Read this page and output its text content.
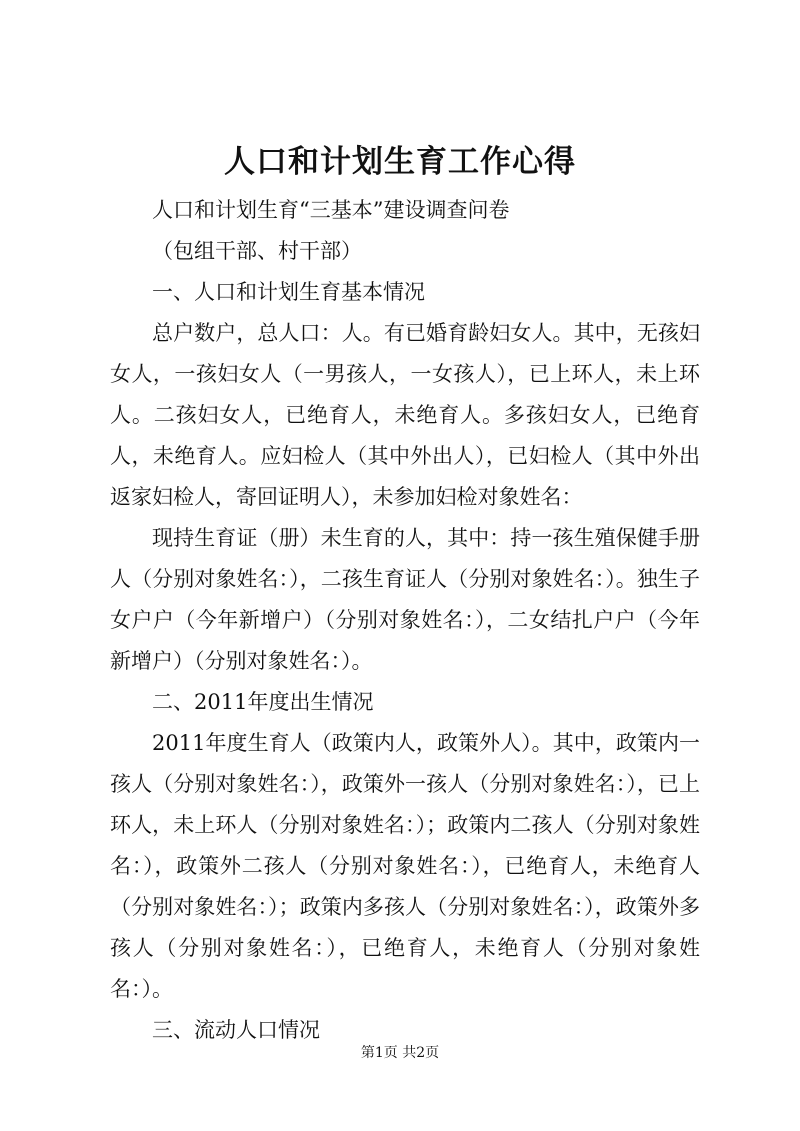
人口和计划生育工作心得

人口和计划生育“三基本”建设调查问卷

（包组干部、村干部）

一、人口和计划生育基本情况

总户数户，总人口：人。有已婚育龄妇女人。其中，无孩妇女人，一孩妇女人（一男孩人，一女孩人），已上环人，未上环人。二孩妇女人，已绝育人，未绝育人。多孩妇女人，已绝育人，未绝育人。应妇检人（其中外出人），已妇检人（其中外出返家妇检人，寄回证明人），未参加妇检对象姓名：

现持生育证（册）未生育的人，其中：持一孩生殖保健手册人（分别对象姓名：），二孩生育证人（分别对象姓名：）。独生子女户户（今年新增户）（分别对象姓名：），二女结扎户户（今年新增户）（分别对象姓名：）。

二、2011年度出生情况

2011年度生育人（政策内人，政策外人）。其中，政策内一孩人（分别对象姓名：），政策外一孩人（分别对象姓名：），已上环人，未上环人（分别对象姓名：）；政策内二孩人（分别对象姓名：），政策外二孩人（分别对象姓名：），已绝育人，未绝育人（分别对象姓名：）；政策内多孩人（分别对象姓名：），政策外多孩人（分别对象姓名：），已绝育人，未绝育人（分别对象姓名：）。

三、流动人口情况

第1页 共2页
